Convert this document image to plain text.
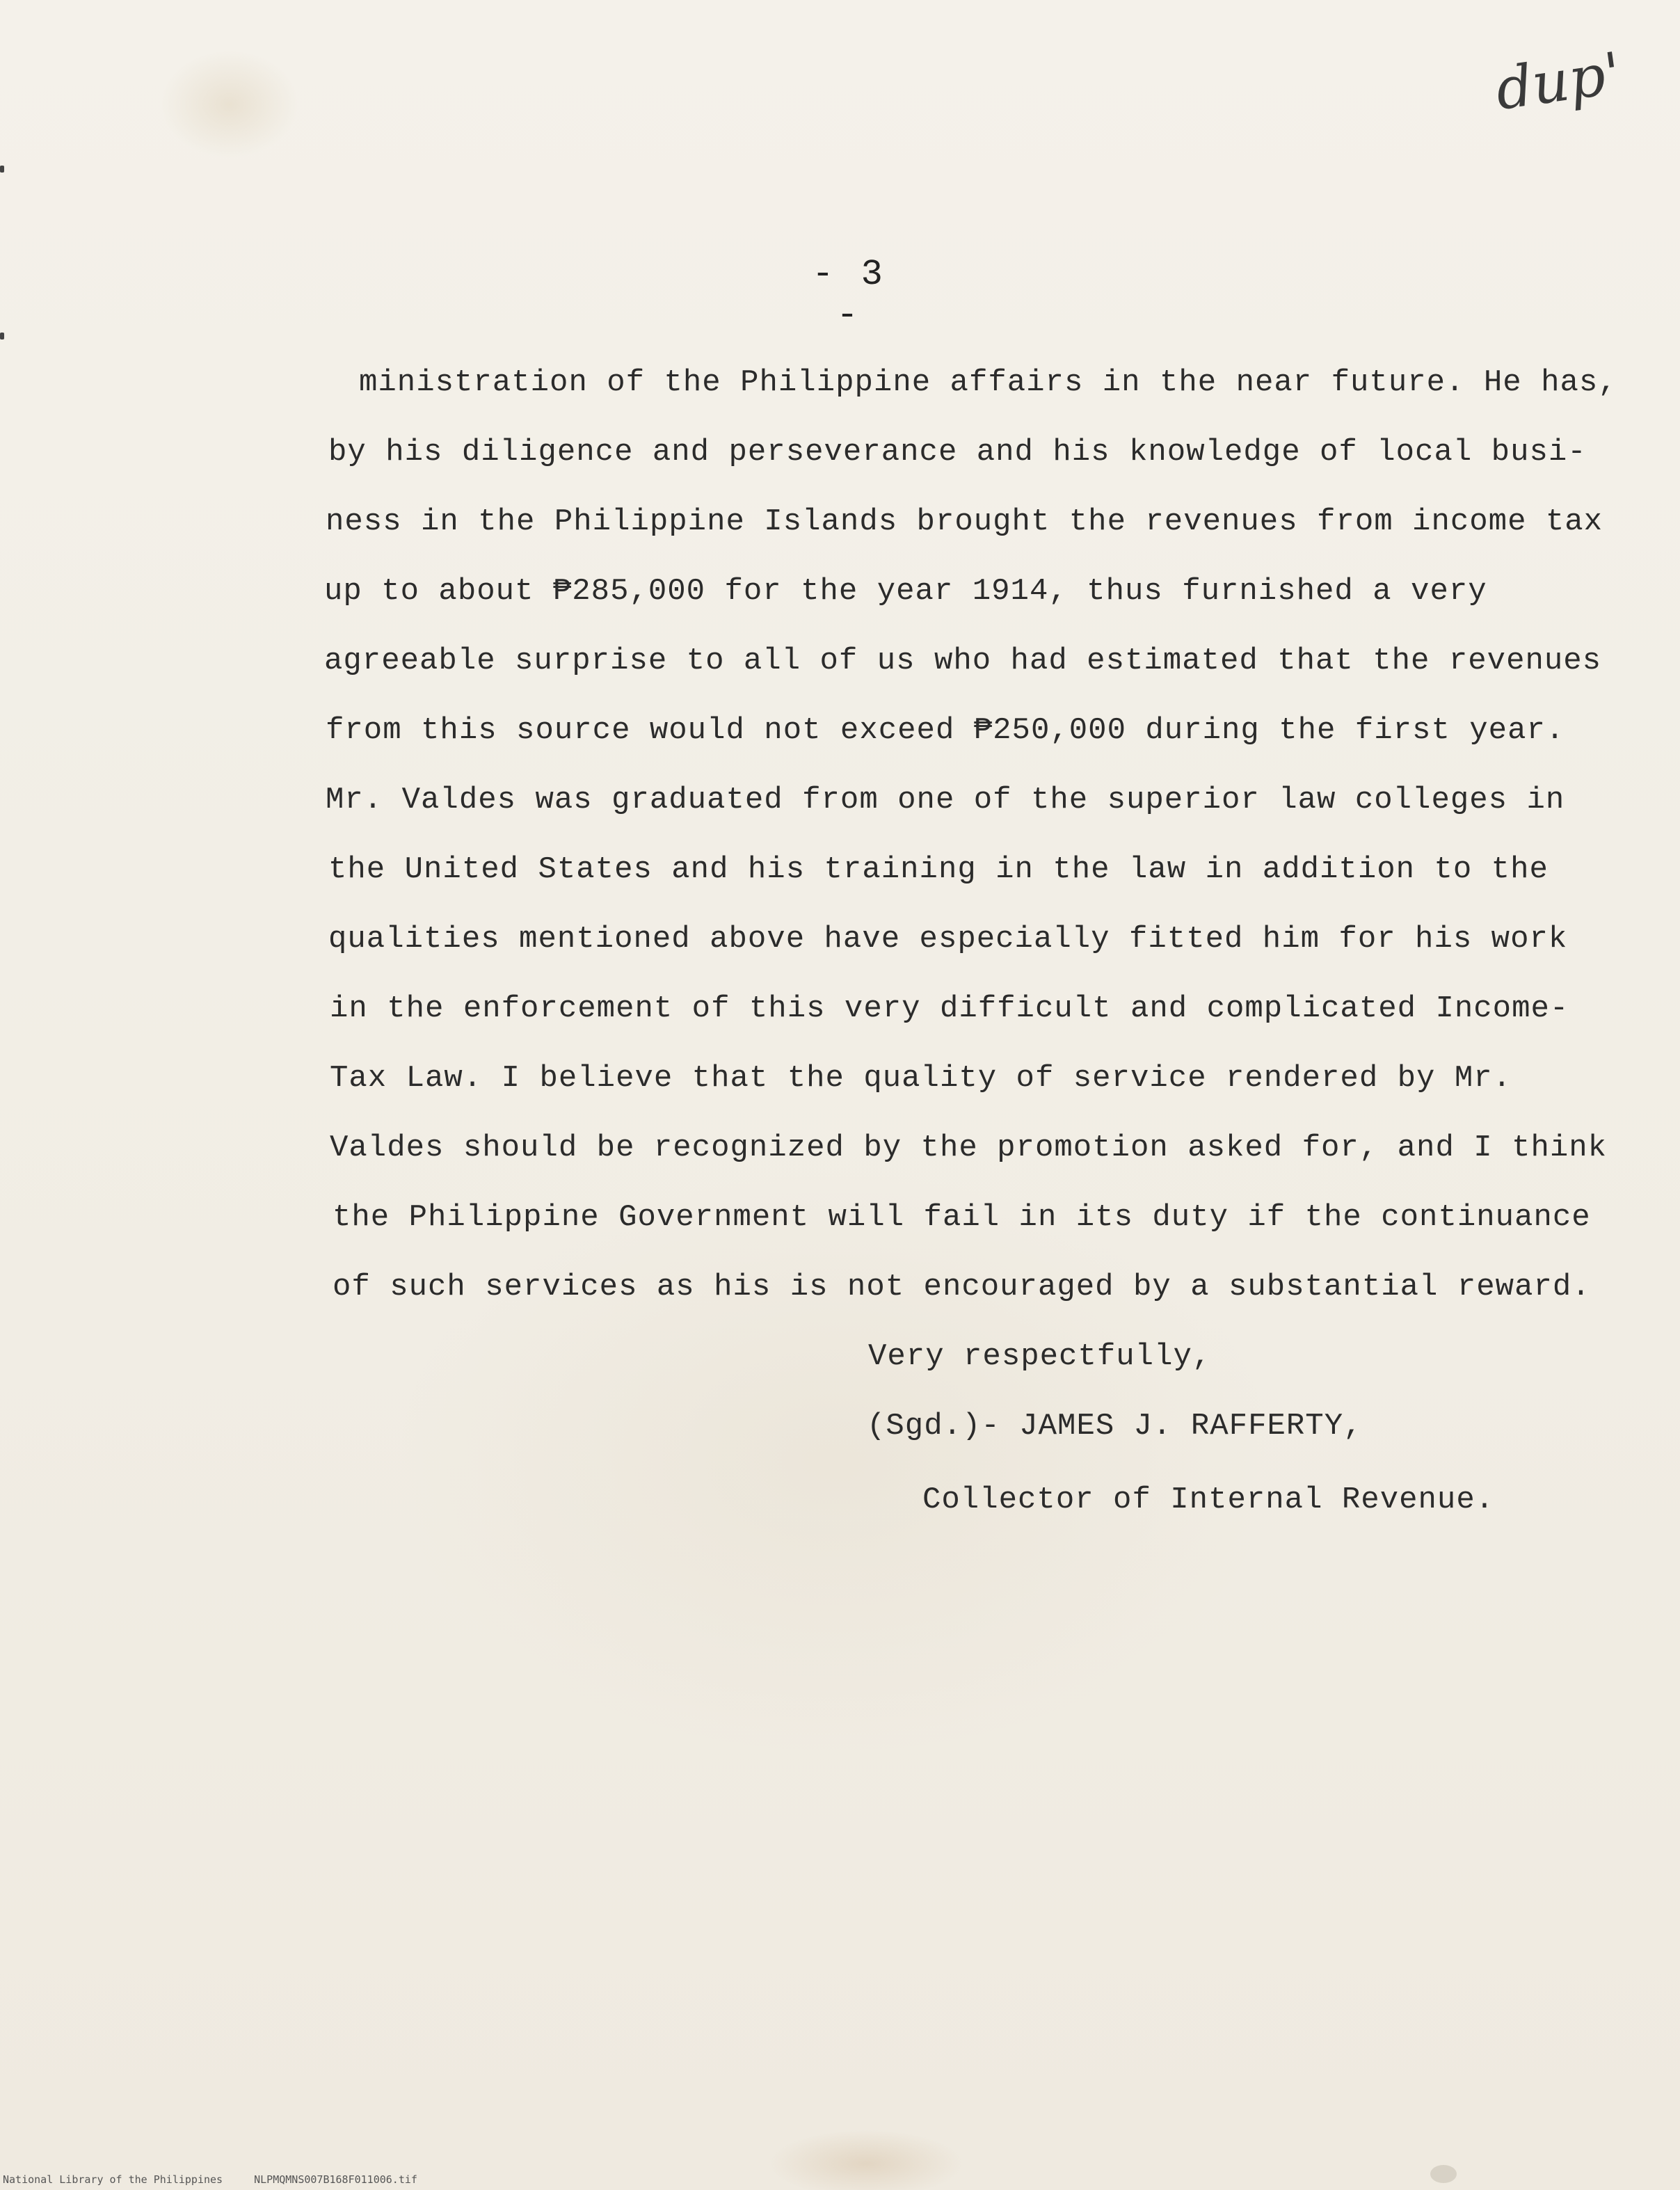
dup'
- 3 -
ministration of the Philippine affairs in the near future. He has,
by his diligence and perseverance and his knowledge of local busi-
ness in the Philippine Islands brought the revenues from income tax
up to about ₱285,000 for the year 1914, thus furnished a very
agreeable surprise to all of us who had estimated that the revenues
from this source would not exceed ₱250,000 during the first year.
Mr. Valdes was graduated from one of the superior law colleges in
the United States and his training in the law in addition to the
qualities mentioned above have especially fitted him for his work
in the enforcement of this very difficult and complicated Income-
Tax Law. I believe that the quality of service rendered by Mr.
Valdes should be recognized by the promotion asked for, and I think
the Philippine Government will fail in its duty if the continuance
of such services as his is not encouraged by a substantial reward.
Very respectfully,
(Sgd.)- JAMES J. RAFFERTY,
Collector of Internal Revenue.
National Library of the Philippines	NLPMQMNS007B168F011006.tif
